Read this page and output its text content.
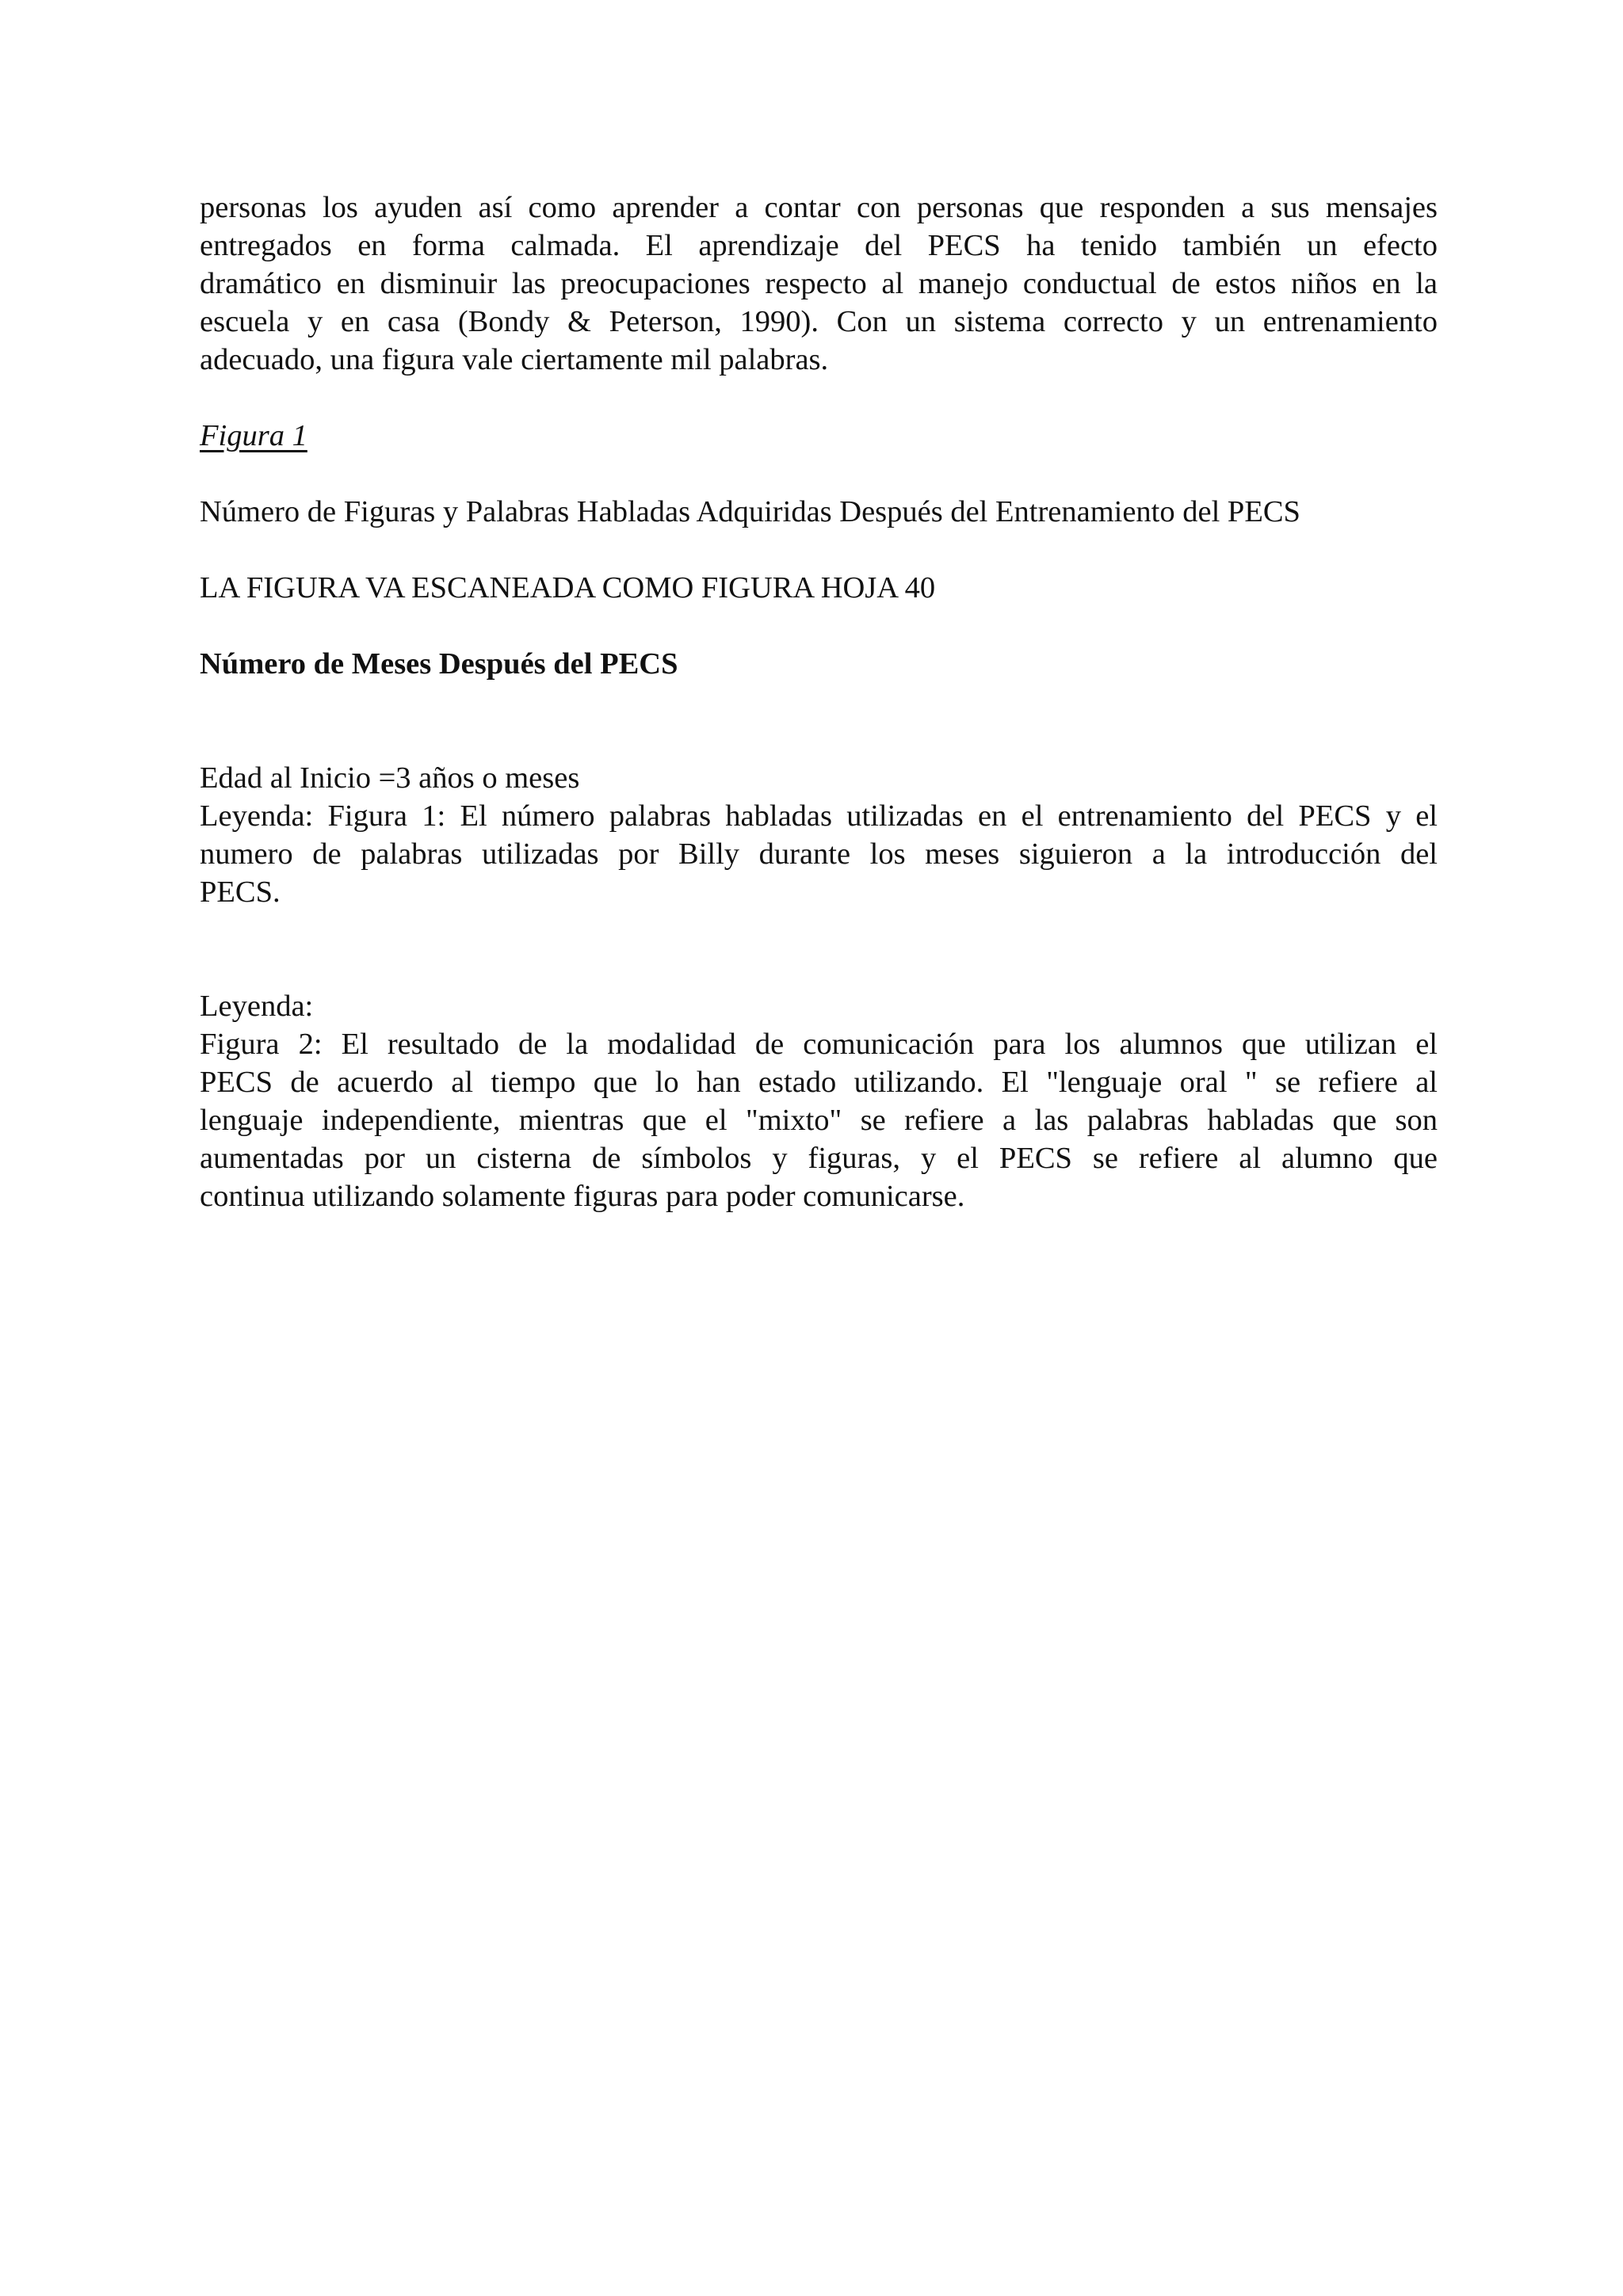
personas los ayuden así como aprender a contar con personas que responden a sus mensajes
entregados en forma calmada. El aprendizaje del PECS ha tenido también un efecto
dramático en disminuir las preocupaciones respecto al manejo conductual de estos niños en la
escuela y en casa (Bondy & Peterson, 1990). Con un sistema correcto y un entrenamiento
adecuado, una figura vale ciertamente mil palabras.

Figura 1

Número de Figuras y Palabras Habladas Adquiridas Después del Entrenamiento del PECS

LA FIGURA VA ESCANEADA COMO FIGURA HOJA 40

Número de Meses Después del PECS

Edad al Inicio =3 años o meses

Leyenda: Figura 1: El número palabras habladas utilizadas en el entrenamiento del PECS y el
numero de palabras utilizadas por Billy durante los meses siguieron a la introducción del
PECS.

Leyenda:

Figura 2: El resultado de la modalidad de comunicación para los alumnos que utilizan el
PECS de acuerdo al tiempo que lo han estado utilizando. El "lenguaje oral " se refiere al
lenguaje independiente, mientras que el "mixto" se refiere a las palabras habladas que son
aumentadas por un cisterna de símbolos y figuras, y el PECS se refiere al alumno que
continua utilizando solamente figuras para poder comunicarse.
